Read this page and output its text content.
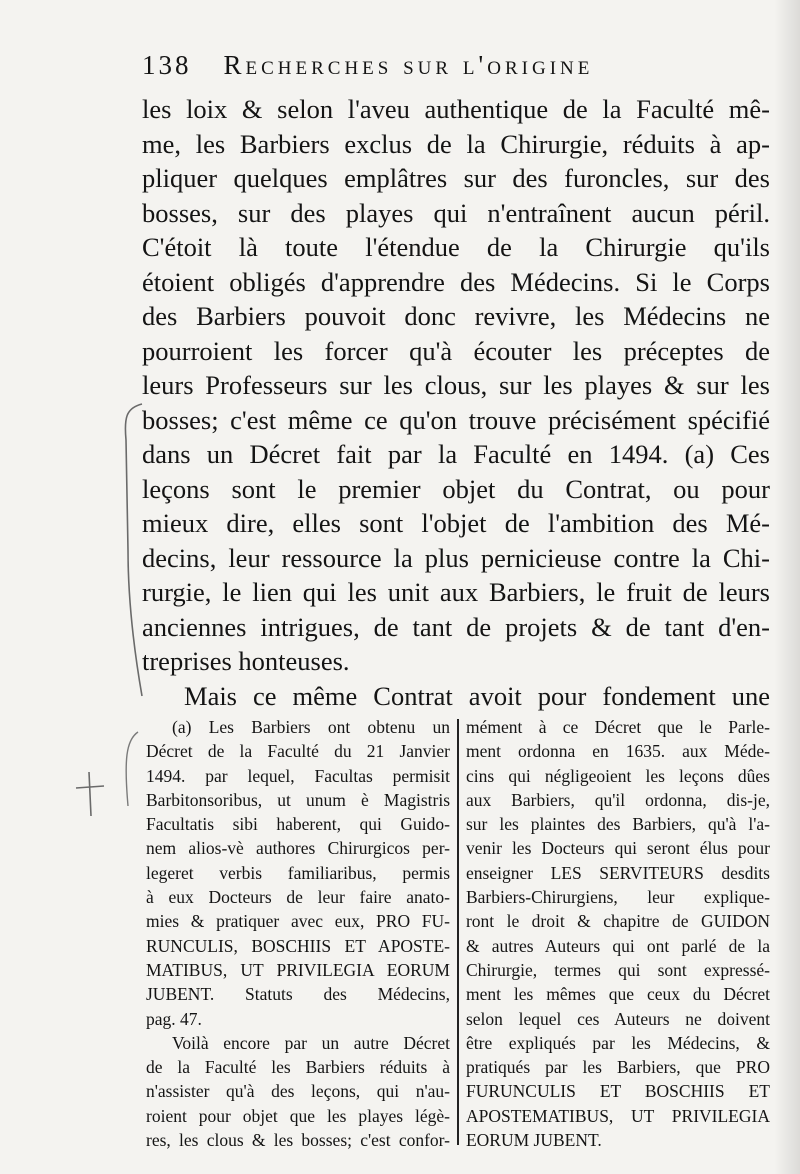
138 Recherches sur l'origine
les loix & selon l'aveu authentique de la Faculté mê-
me, les Barbiers exclus de la Chirurgie, réduits à ap-
pliquer quelques emplâtres sur des furoncles, sur des
bosses, sur des playes qui n'entraînent aucun péril.
C'étoit là toute l'étendue de la Chirurgie qu'ils
étoient obligés d'apprendre des Médecins. Si le Corps
des Barbiers pouvoit donc revivre, les Médecins ne
pourroient les forcer qu'à écouter les préceptes de
leurs Professeurs sur les clous, sur les playes & sur les
bosses; c'est même ce qu'on trouve précisément spécifié
dans un Décret fait par la Faculté en 1494. (a) Ces
leçons sont le premier objet du Contrat, ou pour
mieux dire, elles sont l'objet de l'ambition des Mé-
decins, leur ressource la plus pernicieuse contre la Chi-
rurgie, le lien qui les unit aux Barbiers, le fruit de leurs
anciennes intrigues, de tant de projets & de tant d'en-
treprises honteuses.
Mais ce même Contrat avoit pour fondement une
(a) Les Barbiers ont obtenu un
Décret de la Faculté du 21 Janvier
1494. par lequel, Facultas permisit
Barbitonsoribus, ut unum è Magistris
Facultatis sibi haberent, qui Guido-
nem alios-vè authores Chirurgicos per-
legeret verbis familiaribus, permis
à eux Docteurs de leur faire anato-
mies & pratiquer avec eux, PRO FU-
RUNCULIS, BOSCHIIS ET APOSTE-
MATIBUS, UT PRIVILEGIA EORUM
JUBENT. Statuts des Médecins,
pag. 47.
Voilà encore par un autre Décret
de la Faculté les Barbiers réduits à
n'assister qu'à des leçons, qui n'au-
roient pour objet que les playes légè-
res, les clous & les bosses; c'est confor-
mément à ce Décret que le Parle-
ment ordonna en 1635. aux Méde-
cins qui négligeoient les leçons dûes
aux Barbiers, qu'il ordonna, dis-je,
sur les plaintes des Barbiers, qu'à l'a-
venir les Docteurs qui seront élus pour
enseigner LES SERVITEURS desdits
Barbiers-Chirurgiens, leur explique-
ront le droit & chapitre de GUIDON
& autres Auteurs qui ont parlé de la
Chirurgie, termes qui sont expressé-
ment les mêmes que ceux du Décret
selon lequel ces Auteurs ne doivent
être expliqués par les Médecins, &
pratiqués par les Barbiers, que PRO
FURUNCULIS ET BOSCHIIS ET
APOSTEMATIBUS, UT PRIVILEGIA
EORUM JUBENT.
